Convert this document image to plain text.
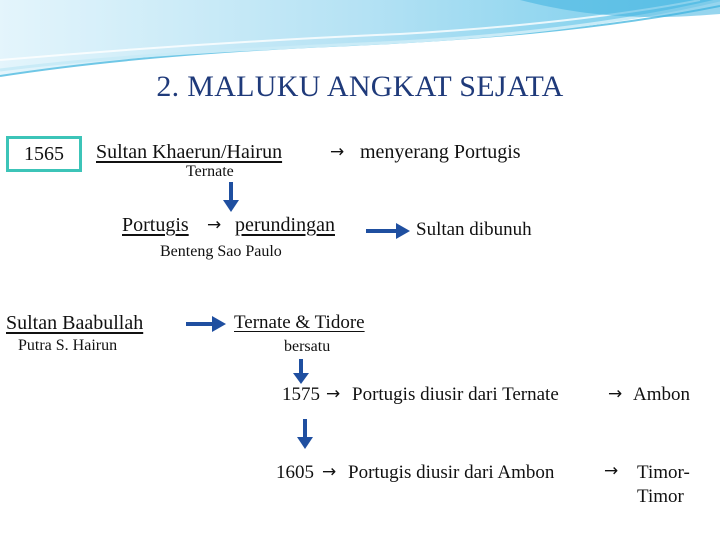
2. MALUKU ANGKAT SEJATA
1565 Sultan Khaerun/Hairun	→ menyerang Portugis
Ternate
Portugis → perundingan
Benteng Sao Paulo
Sultan dibunuh
Sultan Baabullah
Putra S. Hairun
Ternate & Tidore
bersatu
1575 → Portugis diusir dari Ternate	→ Ambon
1605 → Portugis diusir dari Ambon	→ Timor-
Timor
